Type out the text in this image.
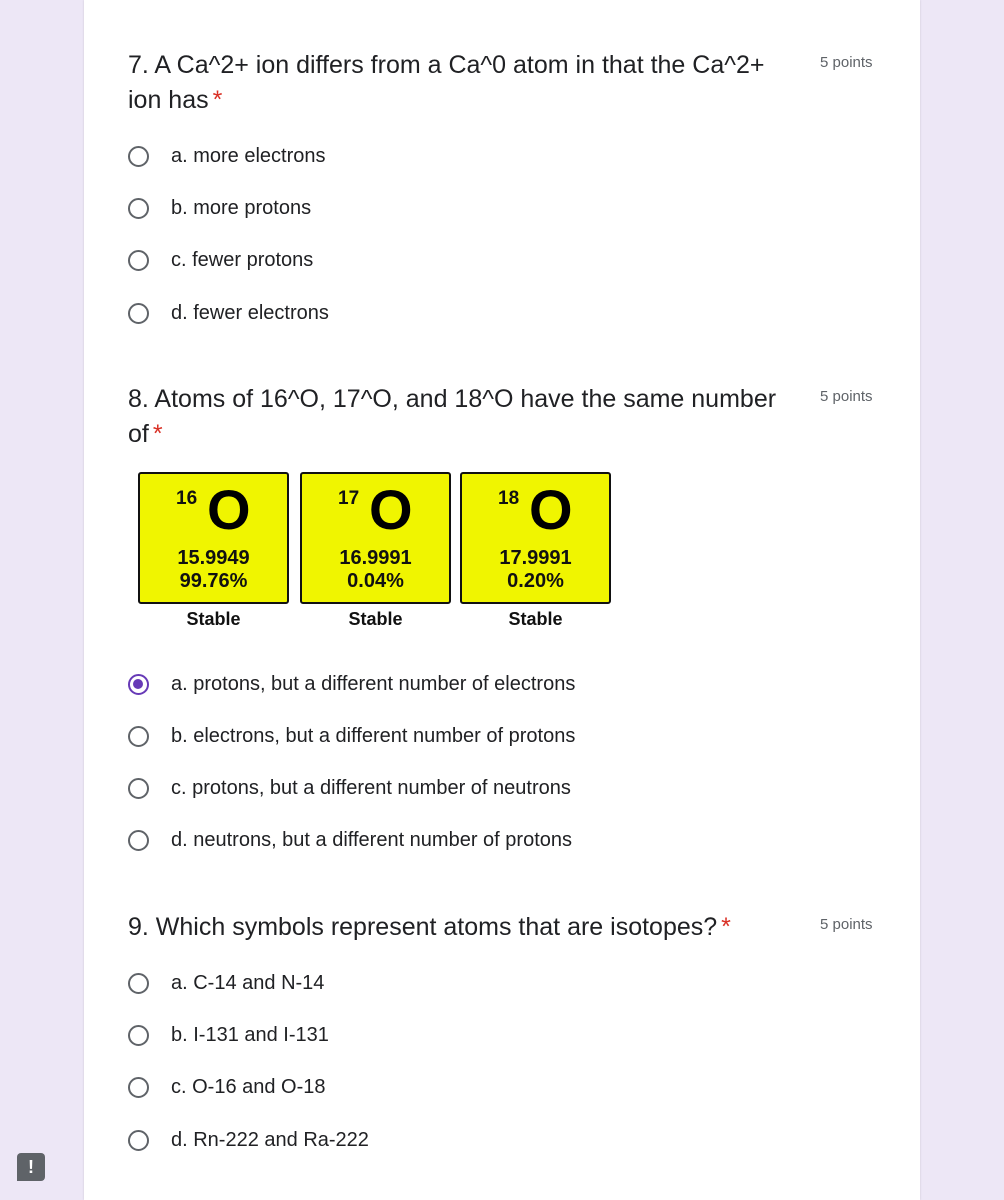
7. A Ca^2+ ion differs from a Ca^0 atom in that the Ca^2+ ion has *
5 points
a. more electrons
b. more protons
c. fewer protons
d. fewer electrons
8. Atoms of 16^O, 17^O, and 18^O have the same number of *
5 points
16 O
15.9949
99.76%
Stable
17 O
16.9991
0.04%
Stable
18 O
17.9991
0.20%
Stable
a. protons, but a different number of electrons
b. electrons, but a different number of protons
c. protons, but a different number of neutrons
d. neutrons, but a different number of protons
9. Which symbols represent atoms that are isotopes? *	5 points
a. C-14 and N-14
b. I-131 and I-131
c. O-16 and O-18
d. Rn-222 and Ra-222
!
